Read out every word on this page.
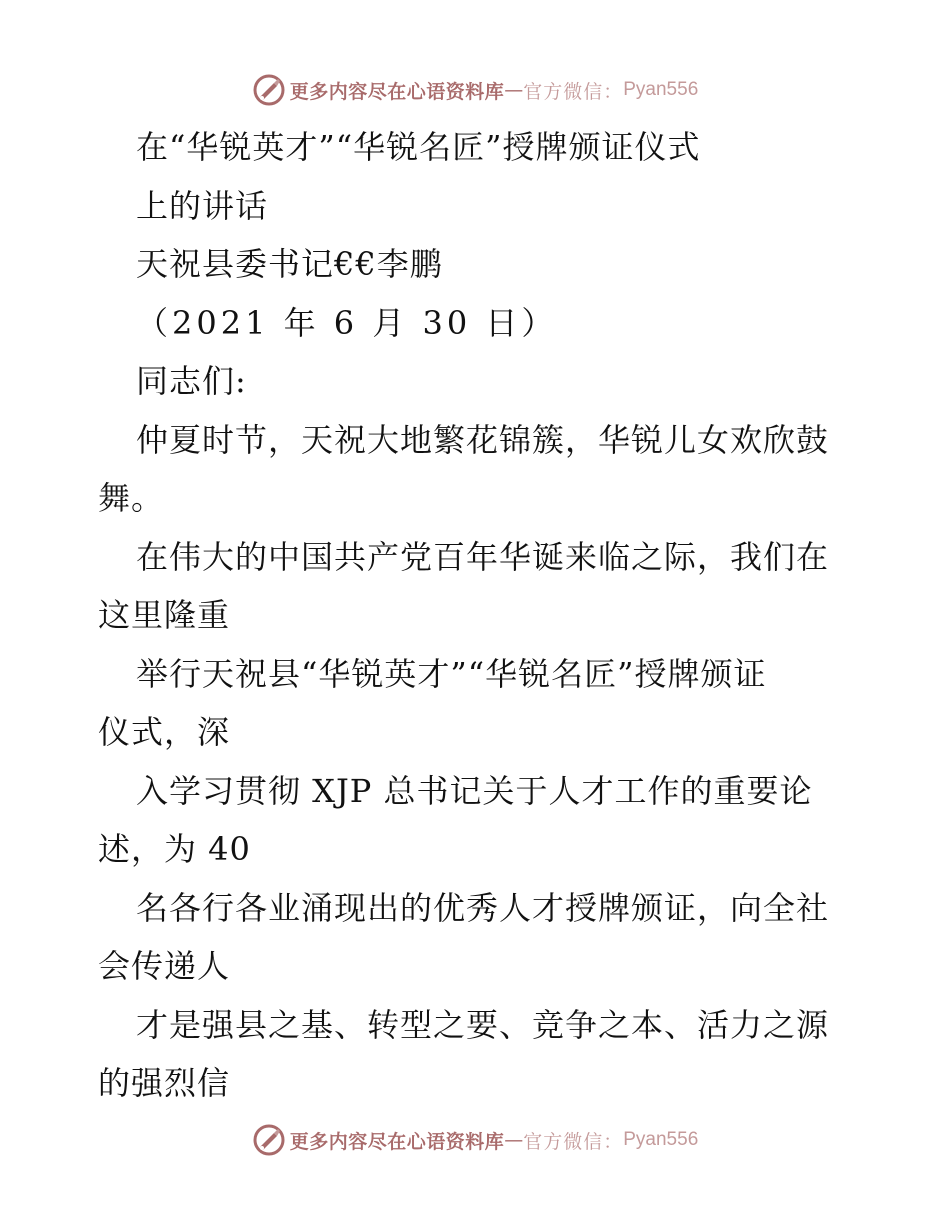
更多内容尽在心语资料库 — 官方微信： Pyan556
在“华锐英才”“华锐名匠”授牌颁证仪式
上的讲话
天祝县委书记€€李鹏
（2021 年 6 月 30 日）
同志们:
仲夏时节，天祝大地繁花锦簇，华锐儿女欢欣鼓
舞。
在伟大的中国共产党百年华诞来临之际，我们在
这里隆重
举行天祝县“华锐英才”“华锐名匠”授牌颁证
仪式，深
入学习贯彻 XJP 总书记关于人才工作的重要论
述，为 40
名各行各业涌现出的优秀人才授牌颁证，向全社
会传递人
才是强县之基、转型之要、竞争之本、活力之源
的强烈信
更多内容尽在心语资料库 — 官方微信： Pyan556
